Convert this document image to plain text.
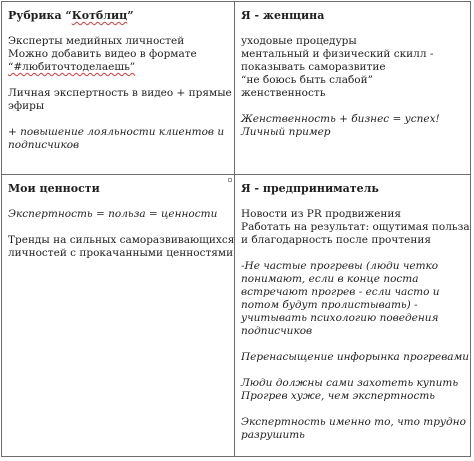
Рубрика “Котблиц”
Эксперты медийных личностей
Можно добавить видео в формате
“#любиточтоделаешь”
Личная экспертность в видео + прямые
эфиры
+ повышение лояльности клиентов и
подписчиков
Я - женщина
уходовые процедуры
ментальный и физический скилл -
показывать саморазвитие
“не боюсь быть слабой”
женственность
Женственность + бизнес = успех!
Личный пример
Мои ценности
Экспертность = польза = ценности
Тренды на сильных саморазвивающихся
личностей с прокачанными ценностями
Я - предприниматель
Новости из PR продвижения
Работать на результат: ощутимая польза
и благодарность после прочтения
-Не частые прогревы (люди четко
понимают, если в конце поста
встречают прогрев - если часто и
потом будут пролистывать) -
учитывать психологию поведения
подписчиков
Перенасыщение инфорынка прогревами
Люди должны сами захотеть купить
Прогрев хуже, чем экспертность
Экспертность именно то, что трудно
разрушить
